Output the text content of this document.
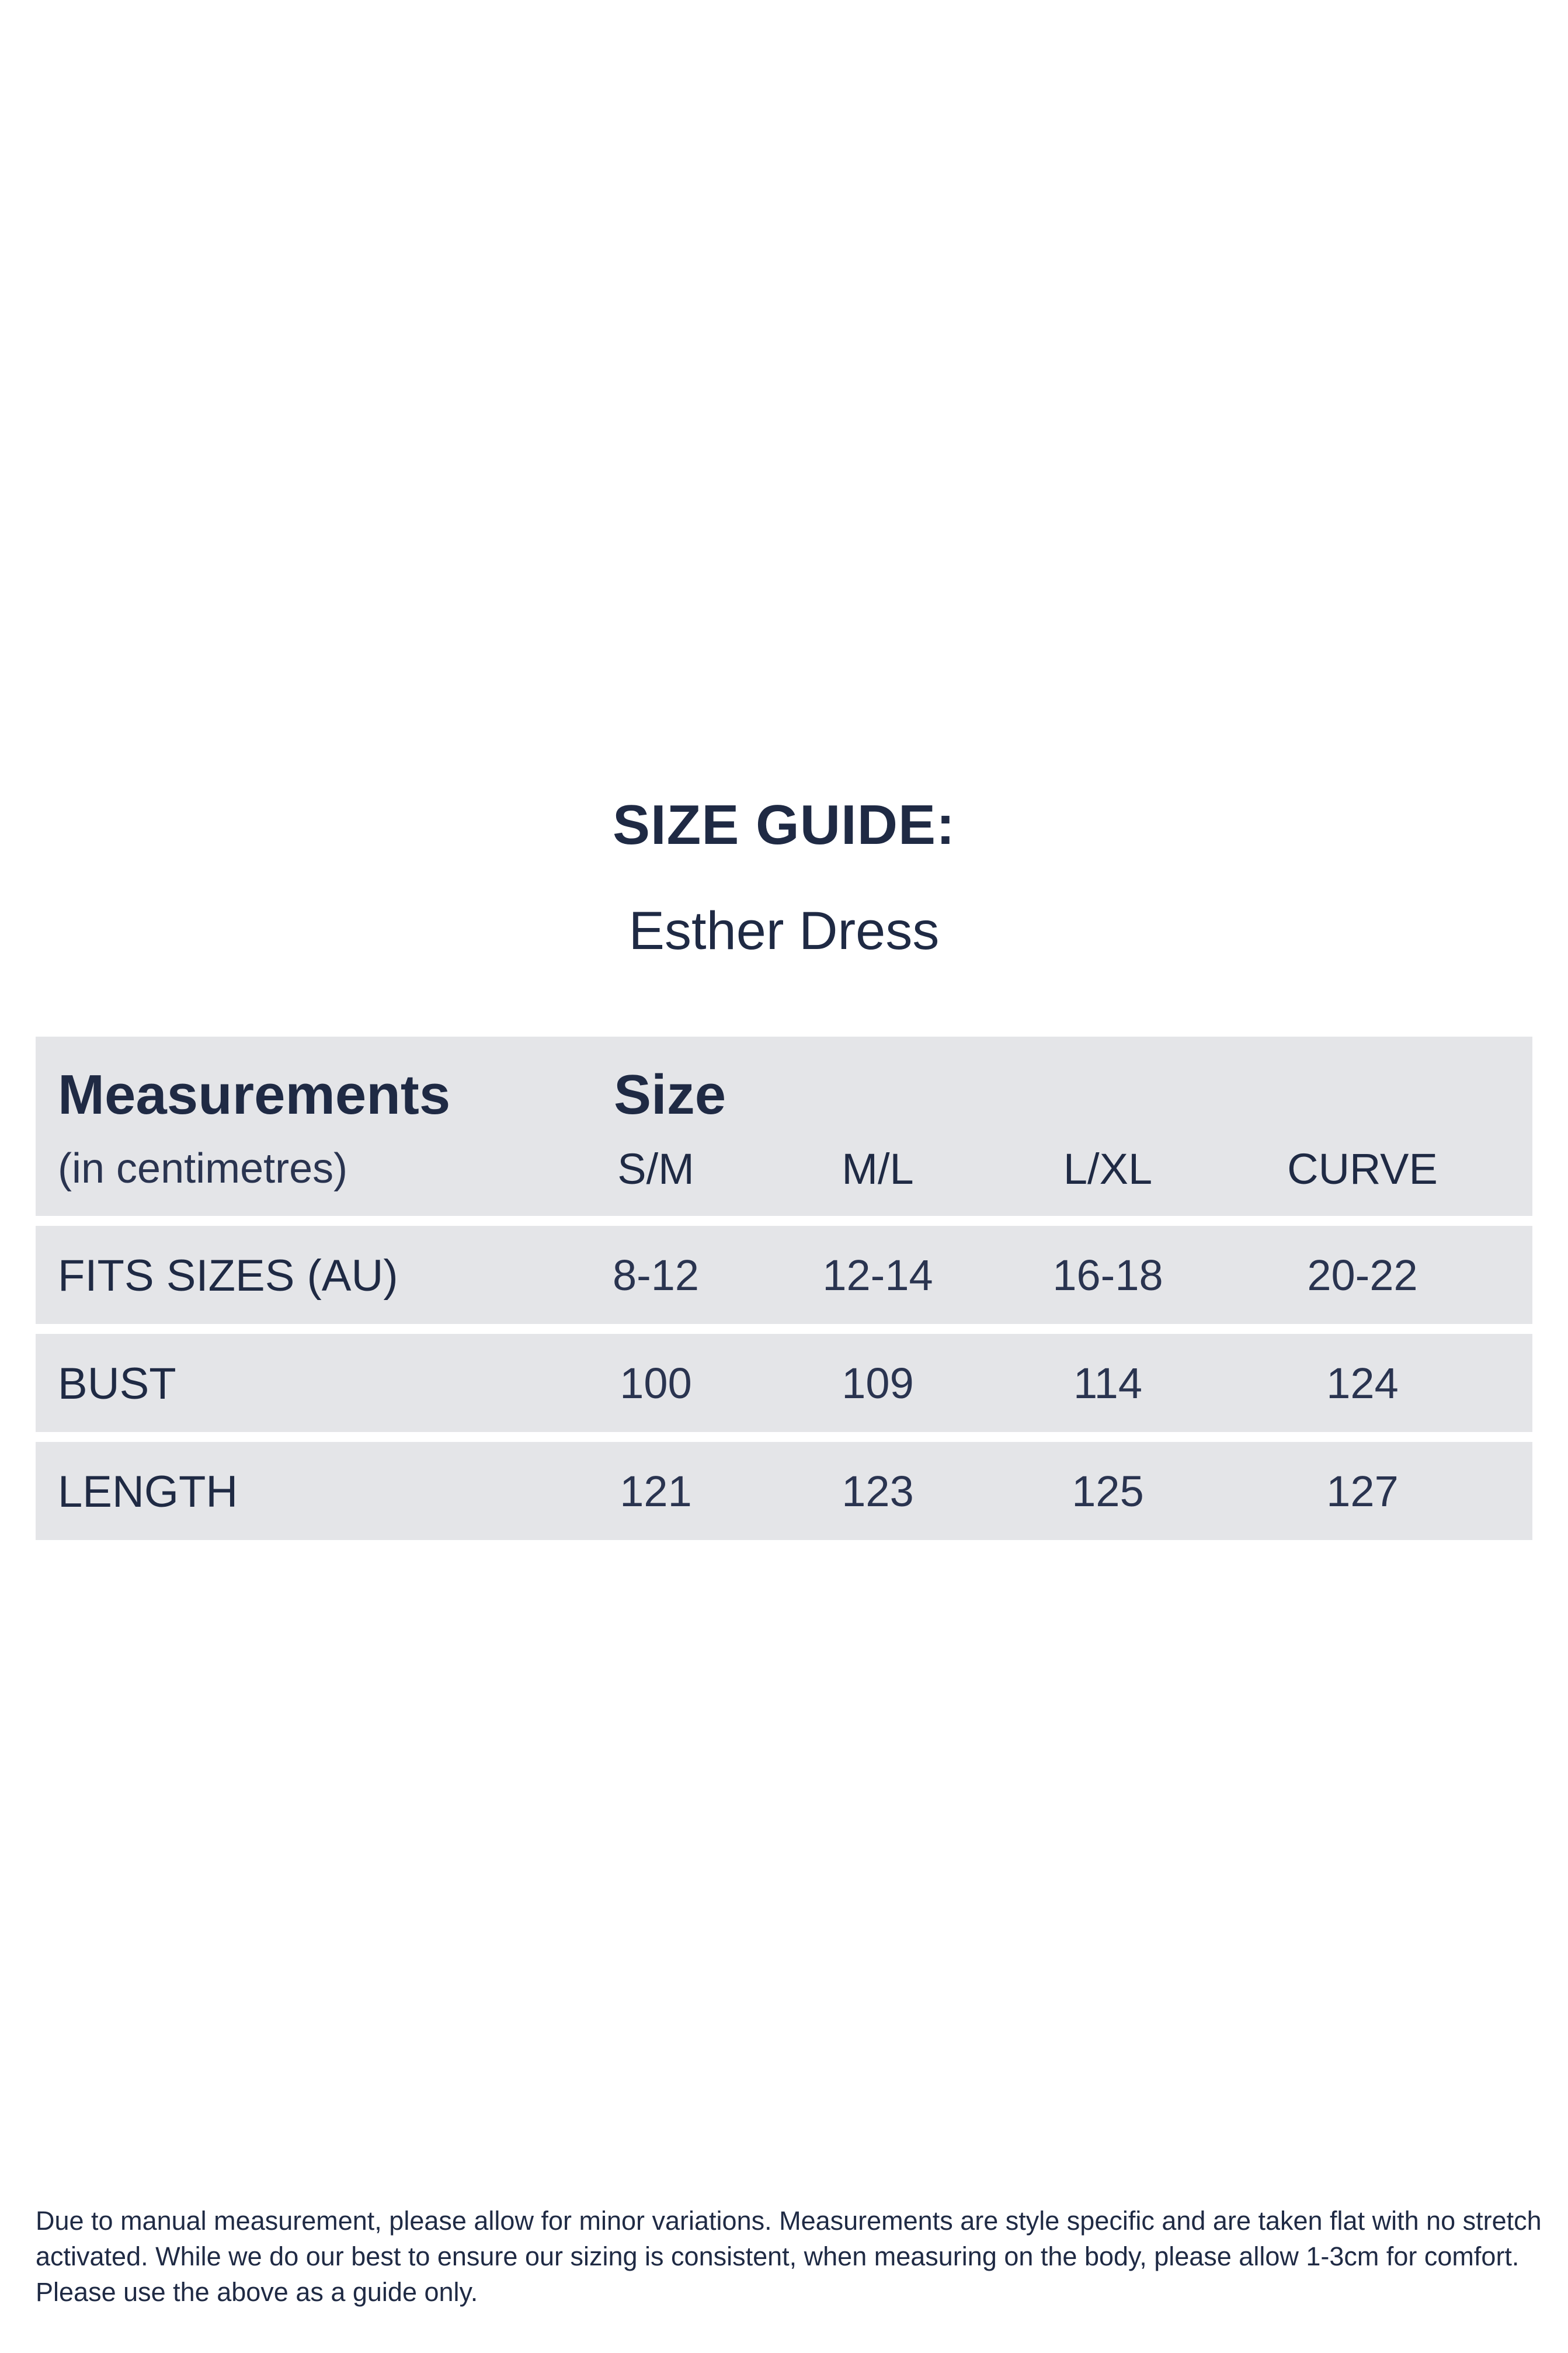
SIZE GUIDE:
Esther Dress
Measurements
(in centimetres)
Size
S/M	M/L	L/XL	CURVE
FITS SIZES (AU)	8-12	12-14	16-18	20-22
BUST	100	109	114	124
LENGTH	121	123	125	127
Due to manual measurement, please allow for minor variations. Measurements are style specific and are taken flat with no stretch activated. While we do our best to ensure our sizing is consistent, when measuring on the body, please allow 1-3cm for comfort. Please use the above as a guide only.
